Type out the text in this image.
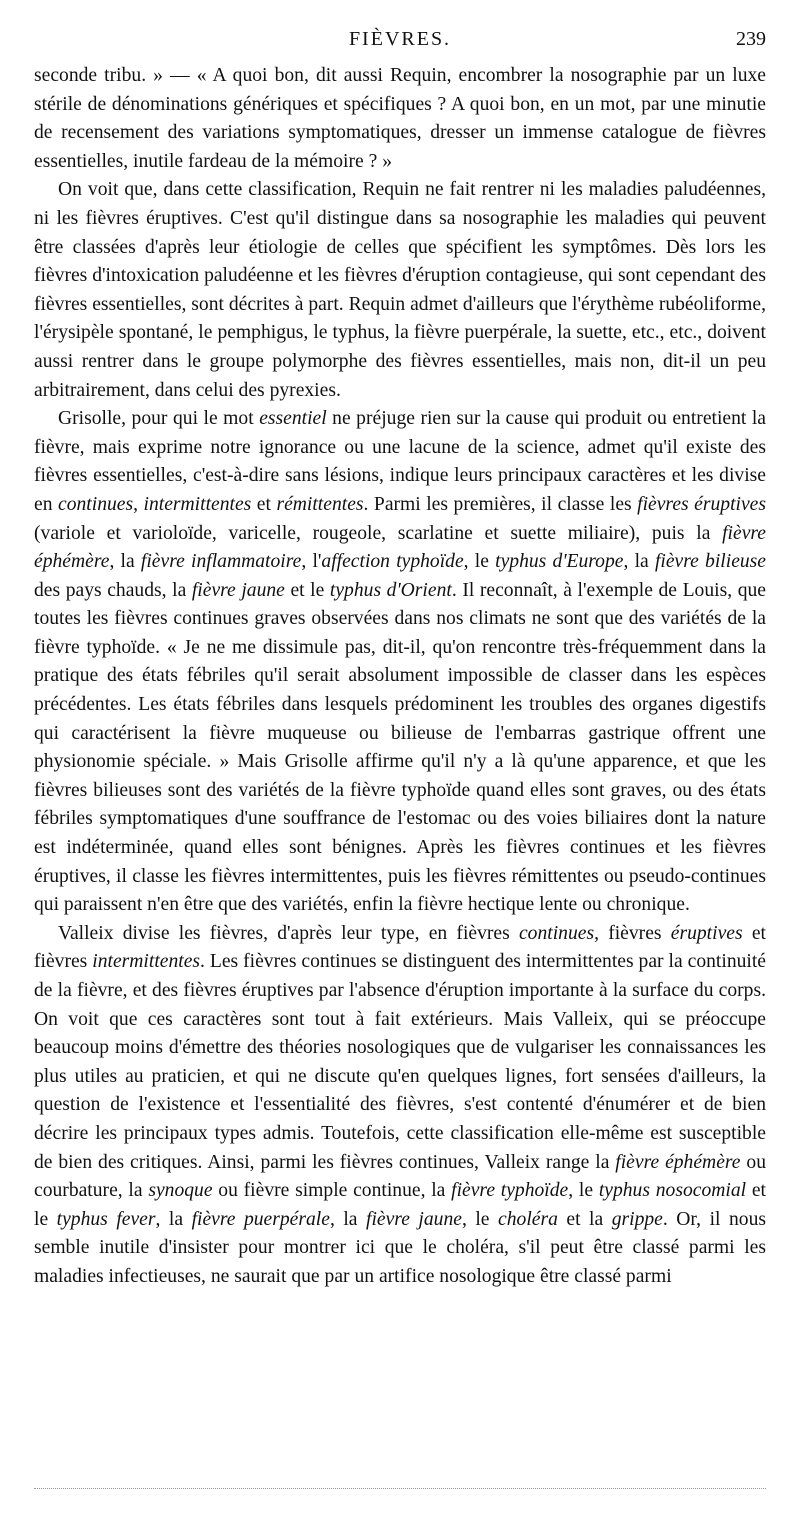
FIÈVRES.	239

seconde tribu. » — « A quoi bon, dit aussi Requin, encombrer la nosographie par un luxe stérile de dénominations génériques et spécifiques ? A quoi bon, en un mot, par une minutie de recensement des variations symptomatiques, dresser un immense catalogue de fièvres essentielles, inutile fardeau de la mémoire ? »

On voit que, dans cette classification, Requin ne fait rentrer ni les maladies paludéennes, ni les fièvres éruptives. C'est qu'il distingue dans sa nosographie les maladies qui peuvent être classées d'après leur étiologie de celles que spécifient les symptômes. Dès lors les fièvres d'intoxication paludéenne et les fièvres d'éruption contagieuse, qui sont cependant des fièvres essentielles, sont décrites à part. Requin admet d'ailleurs que l'érythème rubéoliforme, l'érysipèle spontané, le pemphigus, le typhus, la fièvre puerpérale, la suette, etc., etc., doivent aussi rentrer dans le groupe polymorphe des fièvres essentielles, mais non, dit-il un peu arbitrairement, dans celui des pyrexies.

Grisolle, pour qui le mot essentiel ne préjuge rien sur la cause qui produit ou entretient la fièvre, mais exprime notre ignorance ou une lacune de la science, admet qu'il existe des fièvres essentielles, c'est-à-dire sans lésions, indique leurs principaux caractères et les divise en continues, intermittentes et rémittentes. Parmi les premières, il classe les fièvres éruptives (variole et varioloïde, varicelle, rougeole, scarlatine et suette miliaire), puis la fièvre éphémère, la fièvre inflammatoire, l'affection typhoïde, le typhus d'Europe, la fièvre bilieuse des pays chauds, la fièvre jaune et le typhus d'Orient. Il reconnaît, à l'exemple de Louis, que toutes les fièvres continues graves observées dans nos climats ne sont que des variétés de la fièvre typhoïde. « Je ne me dissimule pas, dit-il, qu'on rencontre très-fréquemment dans la pratique des états fébriles qu'il serait absolument impossible de classer dans les espèces précédentes. Les états fébriles dans lesquels prédominent les troubles des organes digestifs qui caractérisent la fièvre muqueuse ou bilieuse de l'embarras gastrique offrent une physionomie spéciale. » Mais Grisolle affirme qu'il n'y a là qu'une apparence, et que les fièvres bilieuses sont des variétés de la fièvre typhoïde quand elles sont graves, ou des états fébriles symptomatiques d'une souffrance de l'estomac ou des voies biliaires dont la nature est indéterminée, quand elles sont bénignes. Après les fièvres continues et les fièvres éruptives, il classe les fièvres intermittentes, puis les fièvres rémittentes ou pseudo-continues qui paraissent n'en être que des variétés, enfin la fièvre hectique lente ou chronique.

Valleix divise les fièvres, d'après leur type, en fièvres continues, fièvres éruptives et fièvres intermittentes. Les fièvres continues se distinguent des intermittentes par la continuité de la fièvre, et des fièvres éruptives par l'absence d'éruption importante à la surface du corps. On voit que ces caractères sont tout à fait extérieurs. Mais Valleix, qui se préoccupe beaucoup moins d'émettre des théories nosologiques que de vulgariser les connaissances les plus utiles au praticien, et qui ne discute qu'en quelques lignes, fort sensées d'ailleurs, la question de l'existence et l'essentialité des fièvres, s'est contenté d'énumérer et de bien décrire les principaux types admis. Toutefois, cette classification elle-même est susceptible de bien des critiques. Ainsi, parmi les fièvres continues, Valleix range la fièvre éphémère ou courbature, la synoque ou fièvre simple continue, la fièvre typhoïde, le typhus nosocomial et le typhus fever, la fièvre puerpérale, la fièvre jaune, le choléra et la grippe. Or, il nous semble inutile d'insister pour montrer ici que le choléra, s'il peut être classé parmi les maladies infectieuses, ne saurait que par un artifice nosologique être classé parmi
